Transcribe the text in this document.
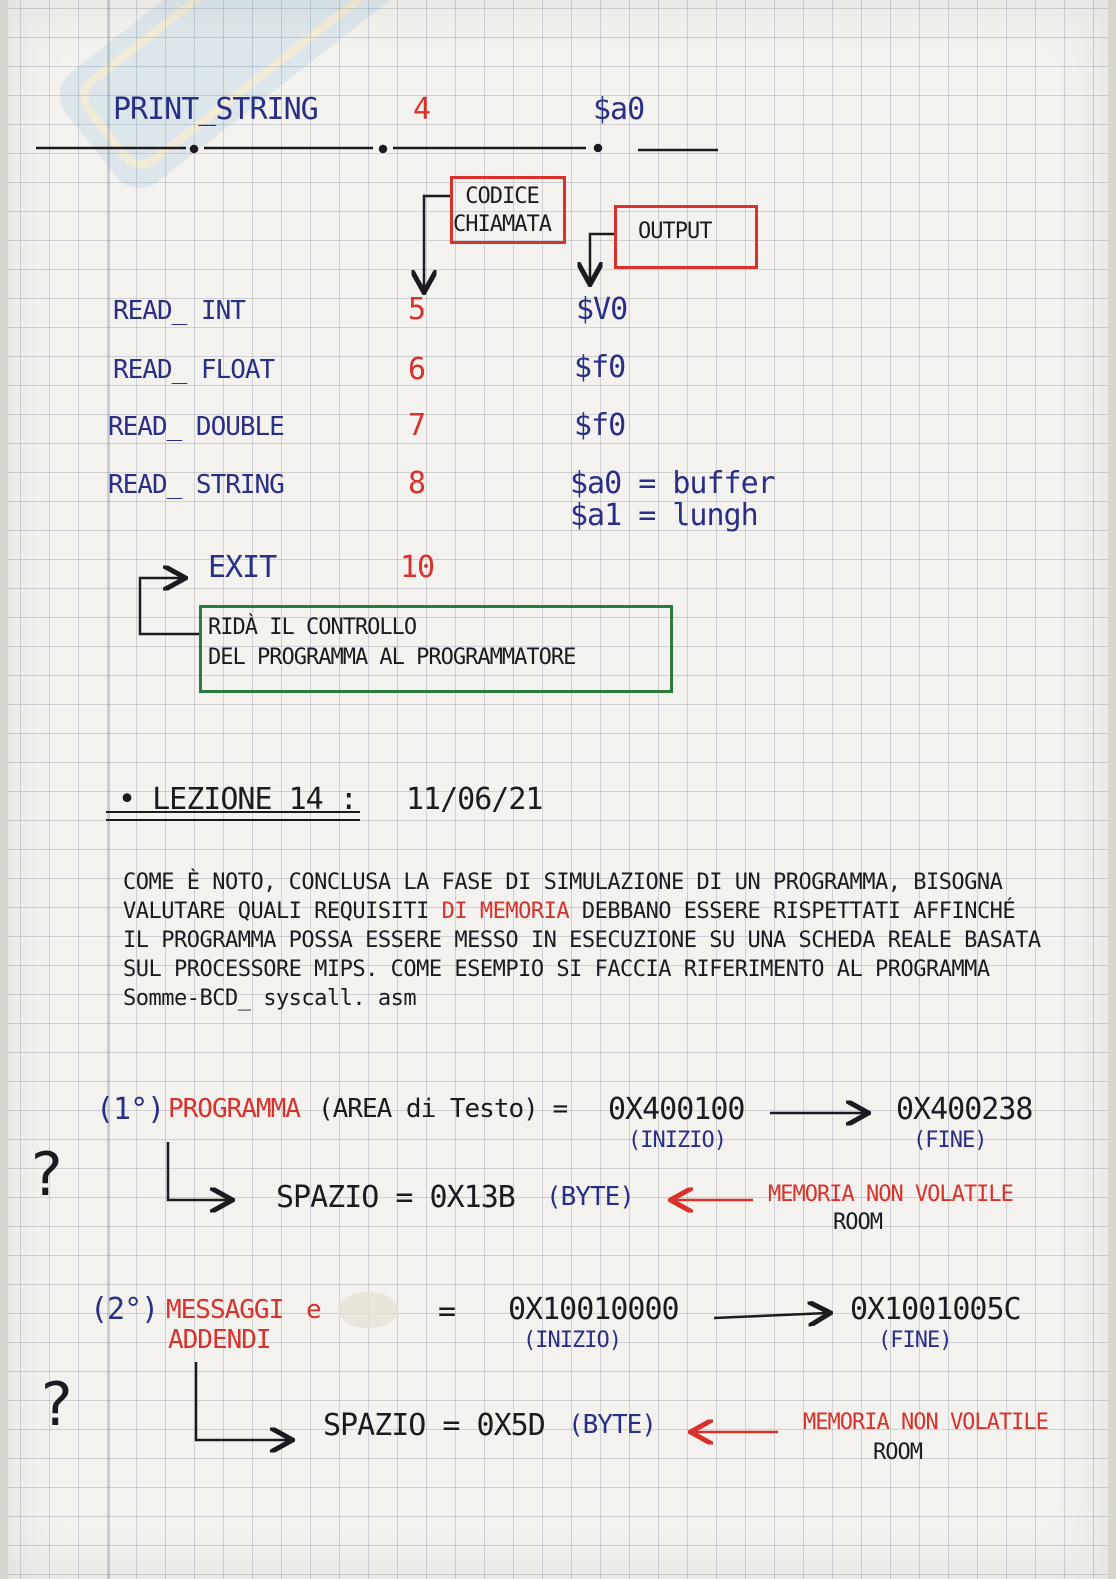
PRINT_STRING	4	$a0
CODICE CHIAMATA	OUTPUT
READ_ INT	5	$V0
READ_ FLOAT	6	$f0
READ_ DOUBLE	7	$f0
READ_ STRING	8	$a0 = buffer
$a1 = lungh
EXIT	10
RIDÀ IL CONTROLLO
DEL PROGRAMMA AL PROGRAMMATORE
• LEZIONE 14 : 11/06/21
COME È NOTO, CONCLUSA LA FASE DI SIMULAZIONE DI UN PROGRAMMA, BISOGNA VALUTARE QUALI REQUISITI DI MEMORIA DEBBANO ESSERE RISPETTATI AFFINCHÉ IL PROGRAMMA POSSA ESSERE MESSO IN ESECUZIONE SU UNA SCHEDA REALE BASATA SUL PROCESSORE MIPS. COME ESEMPIO SI FACCIA RIFERIMENTO AL PROGRAMMA
Somme-BCD_ syscall. asm
(1°) PROGRAMMA (AREA di Testo) = 0X400100
(INIZIO)
0X400238
(FINE)
?	SPAZIO = 0X13B (BYTE)	MEMORIA NON VOLATILE
ROOM
(2°) MESSAGGI
ADDENDI
e	= 0X10010000
(INIZIO)
0X1001005C
(FINE)
?	SPAZIO = 0X5D (BYTE)	MEMORIA NON VOLATILE
ROOM
